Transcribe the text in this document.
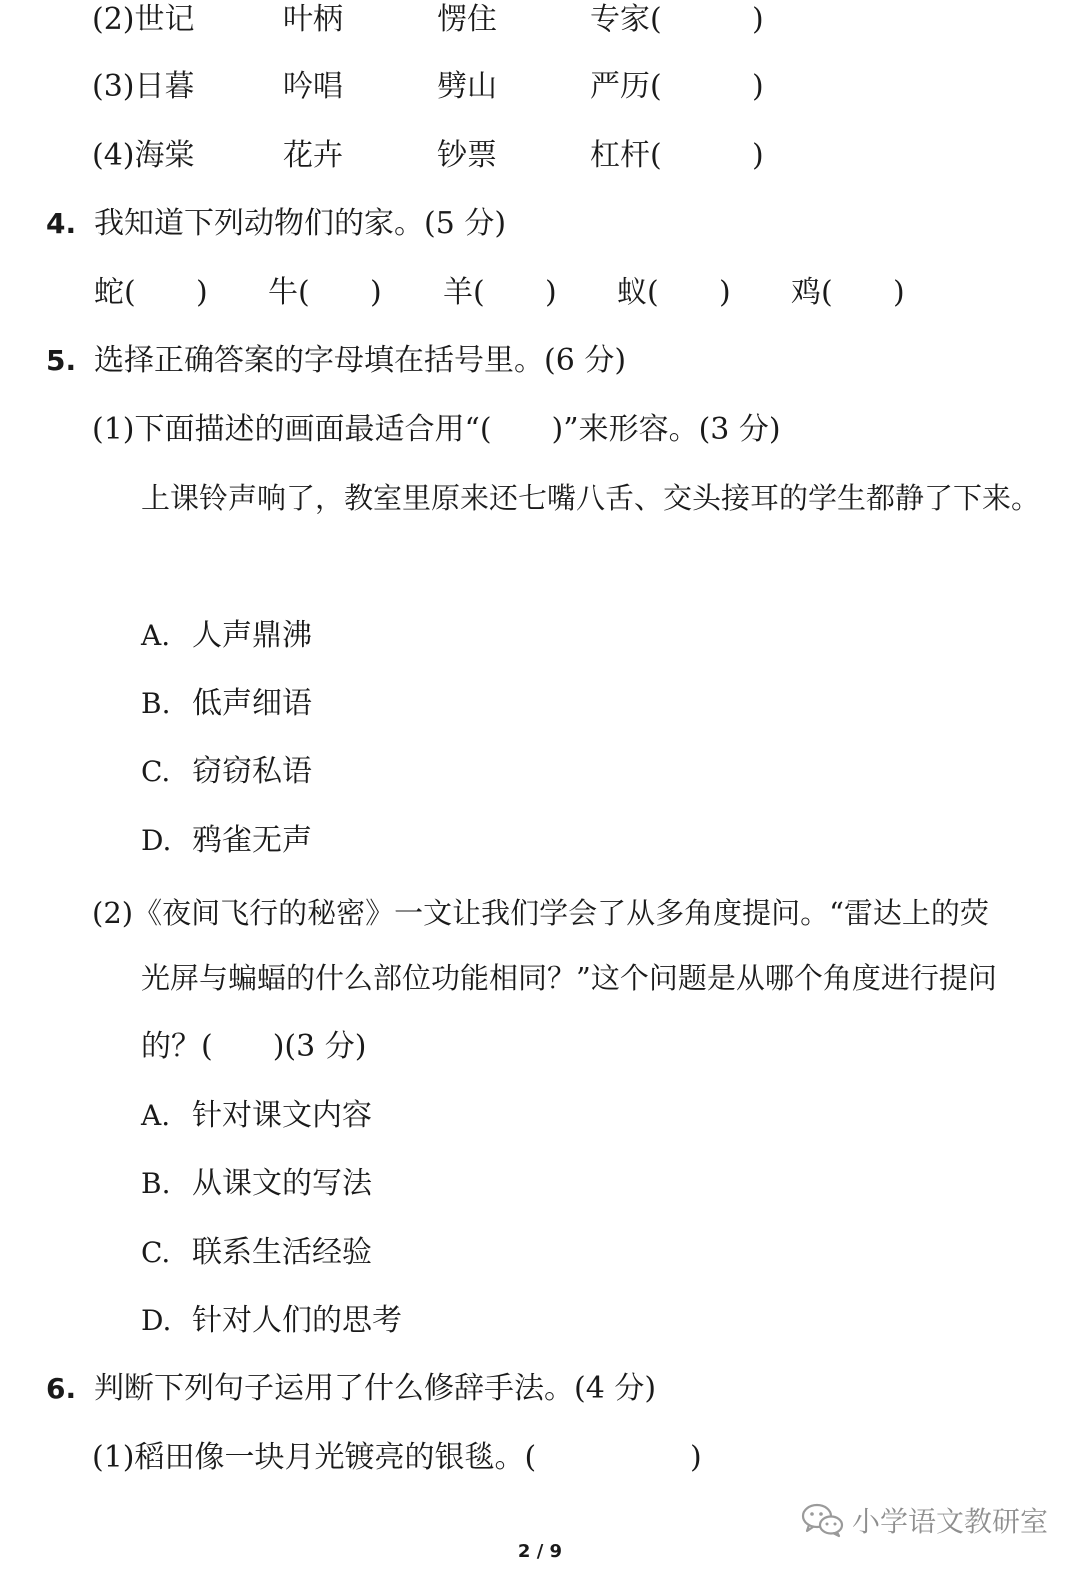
(2)世记	叶柄	愣住	专家(	)
(3)日暮	吟唱	劈山	严历(	)
(4)海棠	花卉	钞票	杠杆(	)
4. 我知道下列动物们的家。(5 分)
蛇( ) 牛( ) 羊( ) 蚁( ) 鸡( )
5. 选择正确答案的字母填在括号里。(6 分)
(1)下面描述的画面最适合用“(　　)”来形容。(3 分)
上课铃声响了，教室里原来还七嘴八舌、交头接耳的学生都静了下来。
A. 人声鼎沸
B. 低声细语
C. 窃窃私语
D. 鸦雀无声
(2)《夜间飞行的秘密》一文让我们学会了从多角度提问。“雷达上的荧
光屏与蝙蝠的什么部位功能相同？”这个问题是从哪个角度进行提问
的？(　　)(3 分)
A. 针对课文内容
B. 从课文的写法
C. 联系生活经验
D. 针对人们的思考
6. 判断下列句子运用了什么修辞手法。(4 分)
(1)稻田像一块月光镀亮的银毯。(	)
小学语文教研室
2 / 9
